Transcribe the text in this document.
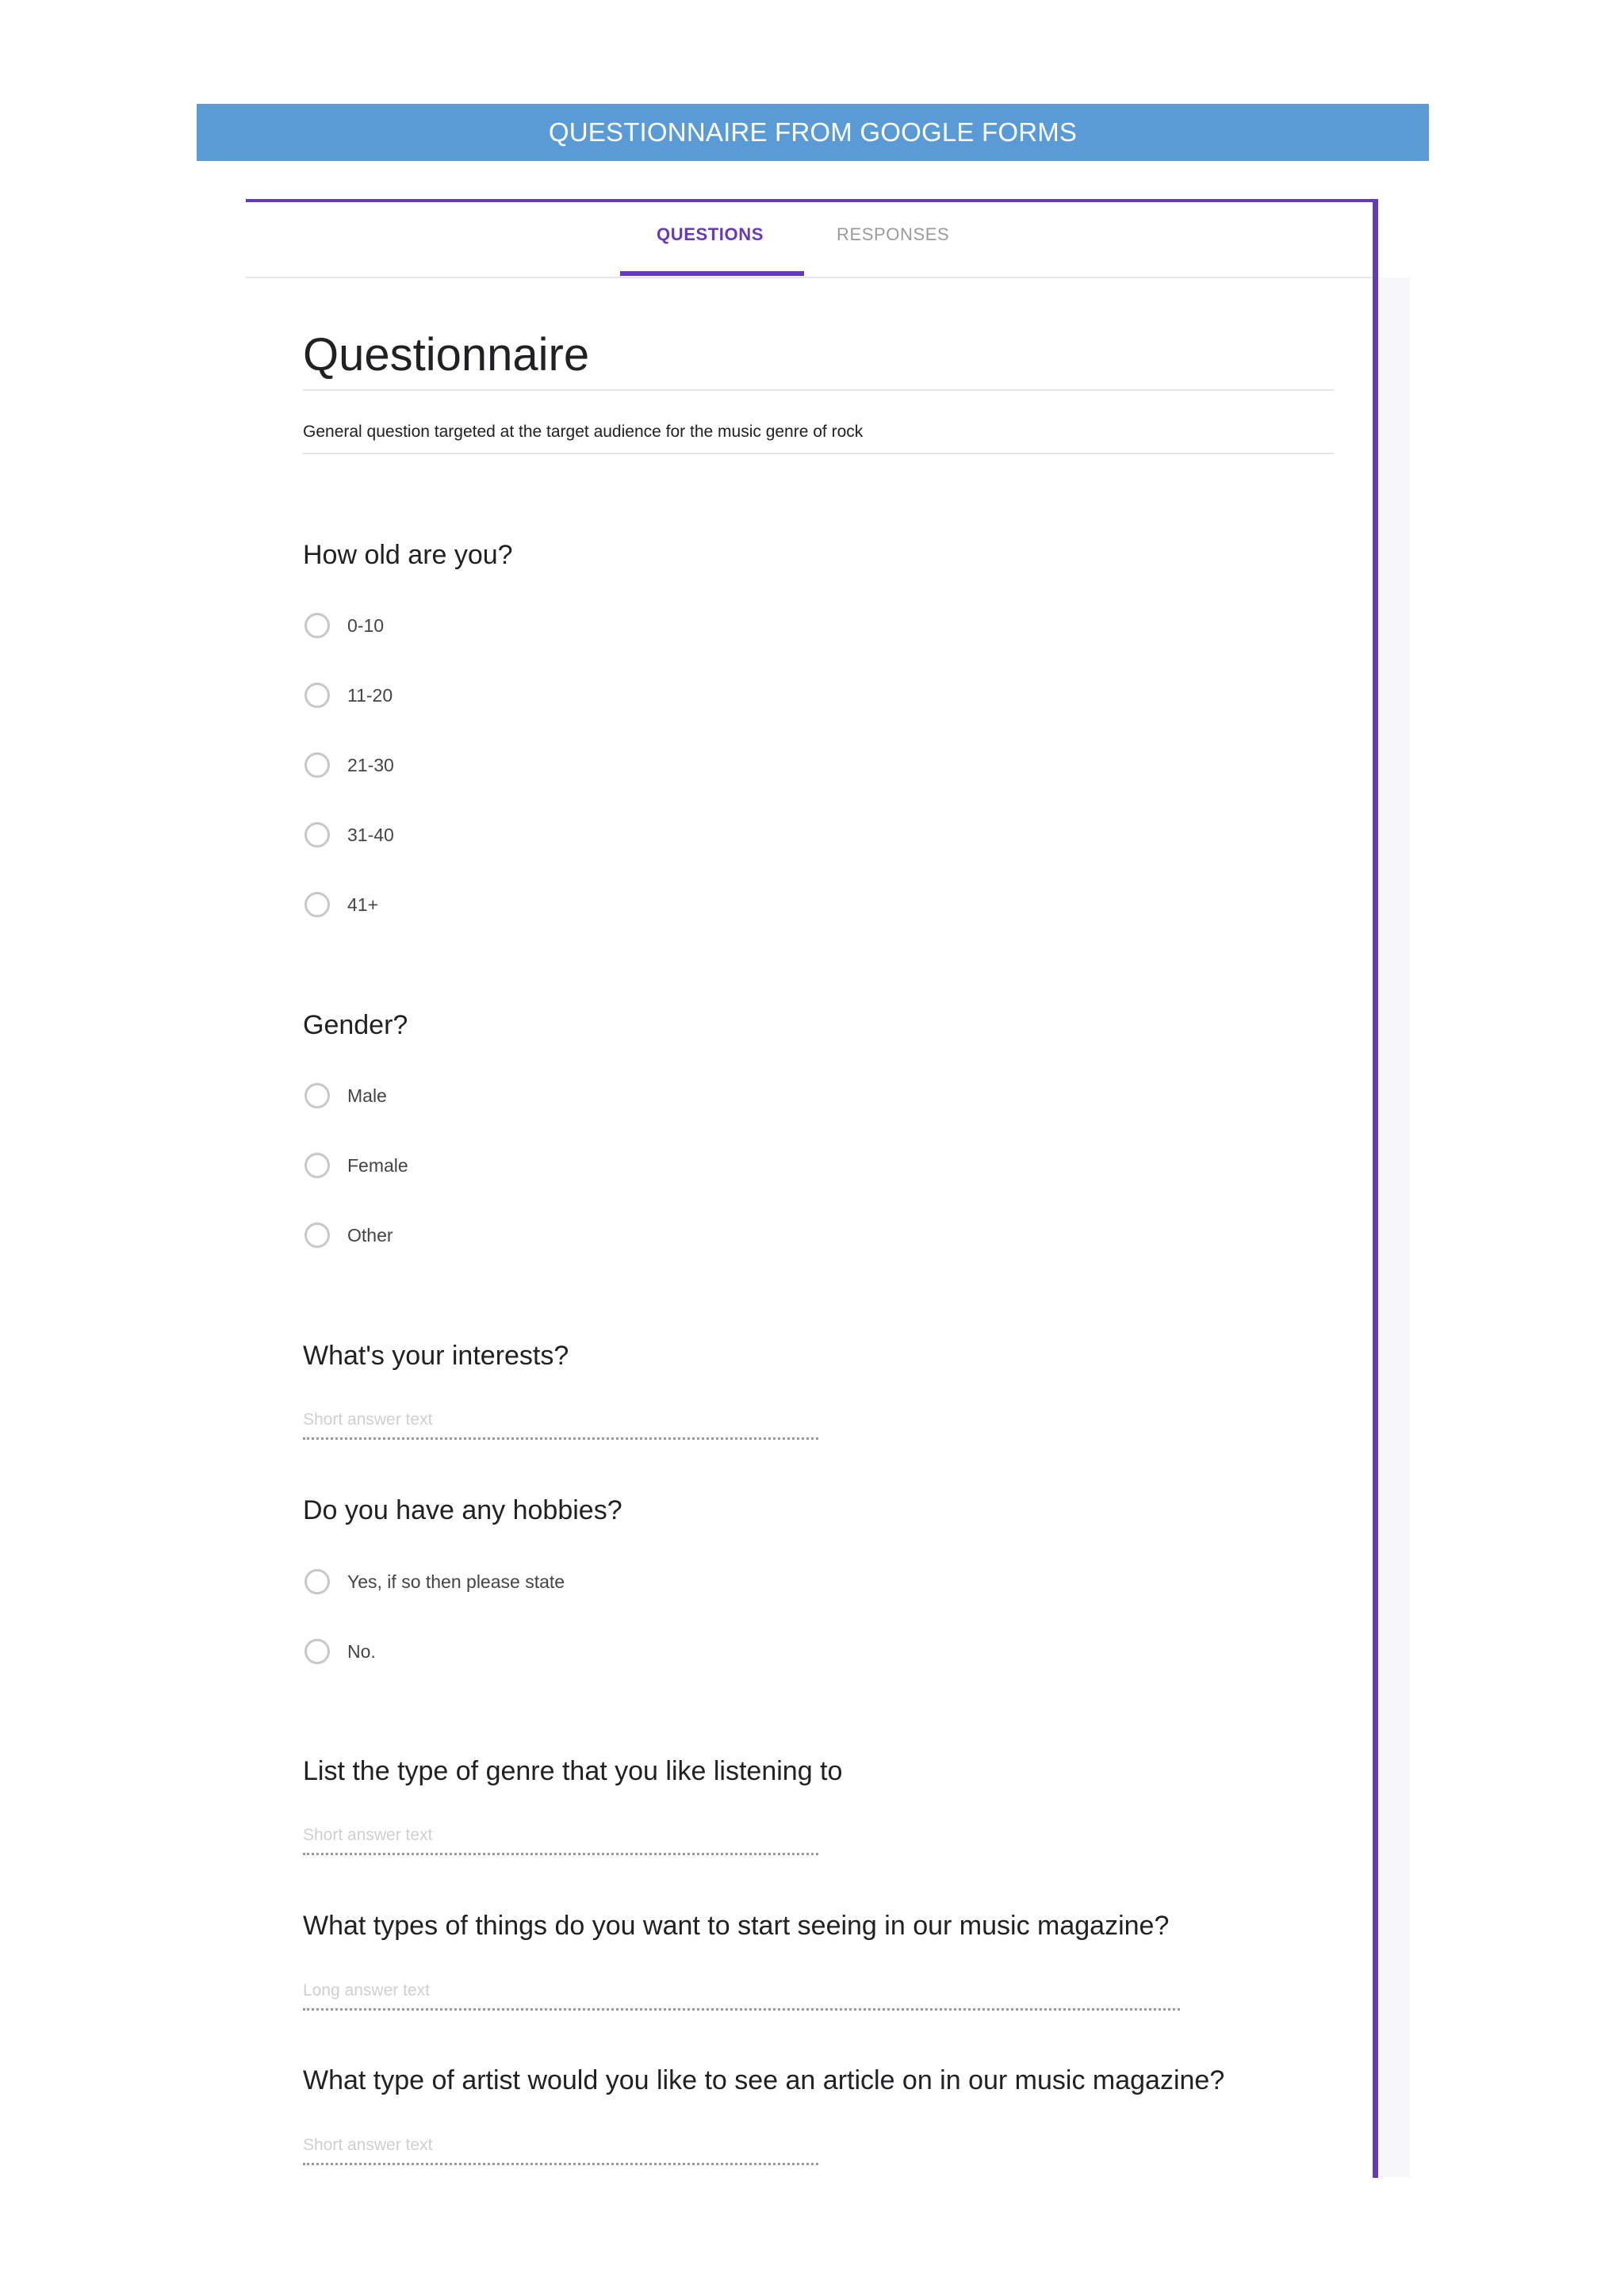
QUESTIONNAIRE FROM GOOGLE FORMS
QUESTIONS	RESPONSES
Questionnaire
General question targeted at the target audience for the music genre of rock
How old are you?
0-10
11-20
21-30
31-40
41+
Gender?
Male
Female
Other
What's your interests?
Short answer text
Do you have any hobbies?
Yes, if so then please state
No.
List the type of genre that you like listening to
Short answer text
What types of things do you want to start seeing in our music magazine?
Long answer text
What type of artist would you like to see an article on in our music magazine?
Short answer text
